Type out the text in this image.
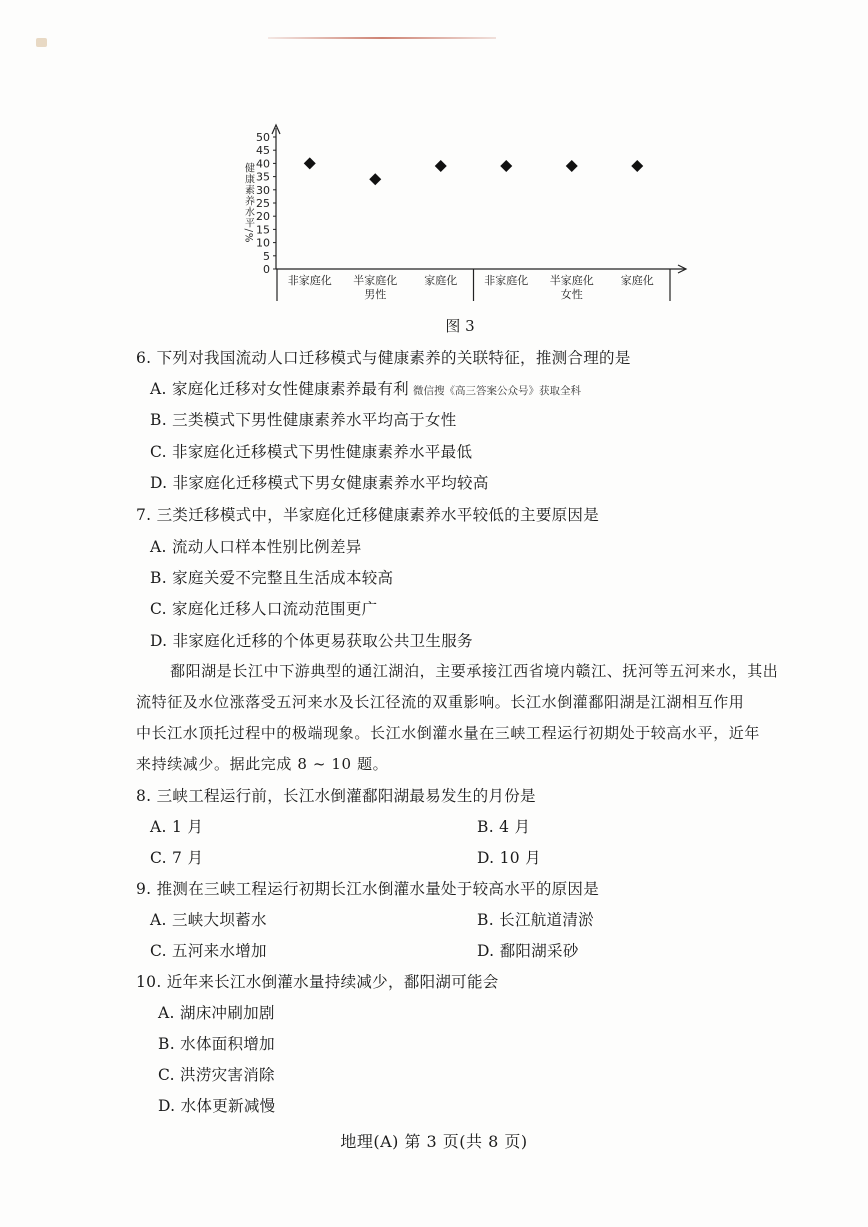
0
5
10
15
20
25
30
35
40
45
50
健康素养水平/%
非家庭化 半家庭化 家庭化 非家庭化 半家庭化 家庭化
男性	女性
图 3
6. 下列对我国流动人口迁移模式与健康素养的关联特征，推测合理的是
A. 家庭化迁移对女性健康素养最有利 微信搜《高三答案公众号》获取全科
B. 三类模式下男性健康素养水平均高于女性
C. 非家庭化迁移模式下男性健康素养水平最低
D. 非家庭化迁移模式下男女健康素养水平均较高
7. 三类迁移模式中，半家庭化迁移健康素养水平较低的主要原因是
A. 流动人口样本性别比例差异
B. 家庭关爱不完整且生活成本较高
C. 家庭化迁移人口流动范围更广
D. 非家庭化迁移的个体更易获取公共卫生服务
鄱阳湖是长江中下游典型的通江湖泊，主要承接江西省境内赣江、抚河等五河来水，其出
流特征及水位涨落受五河来水及长江径流的双重影响。长江水倒灌鄱阳湖是江湖相互作用
中长江水顶托过程中的极端现象。长江水倒灌水量在三峡工程运行初期处于较高水平，近年
来持续减少。据此完成 8 ~ 10 题。
8. 三峡工程运行前，长江水倒灌鄱阳湖最易发生的月份是
A. 1 月	B. 4 月
C. 7 月	D. 10 月
9. 推测在三峡工程运行初期长江水倒灌水量处于较高水平的原因是
A. 三峡大坝蓄水	B. 长江航道清淤
C. 五河来水增加	D. 鄱阳湖采砂
10. 近年来长江水倒灌水量持续减少，鄱阳湖可能会
A. 湖床冲刷加剧
B. 水体面积增加
C. 洪涝灾害消除
D. 水体更新减慢
地理(A) 第 3 页(共 8 页)
